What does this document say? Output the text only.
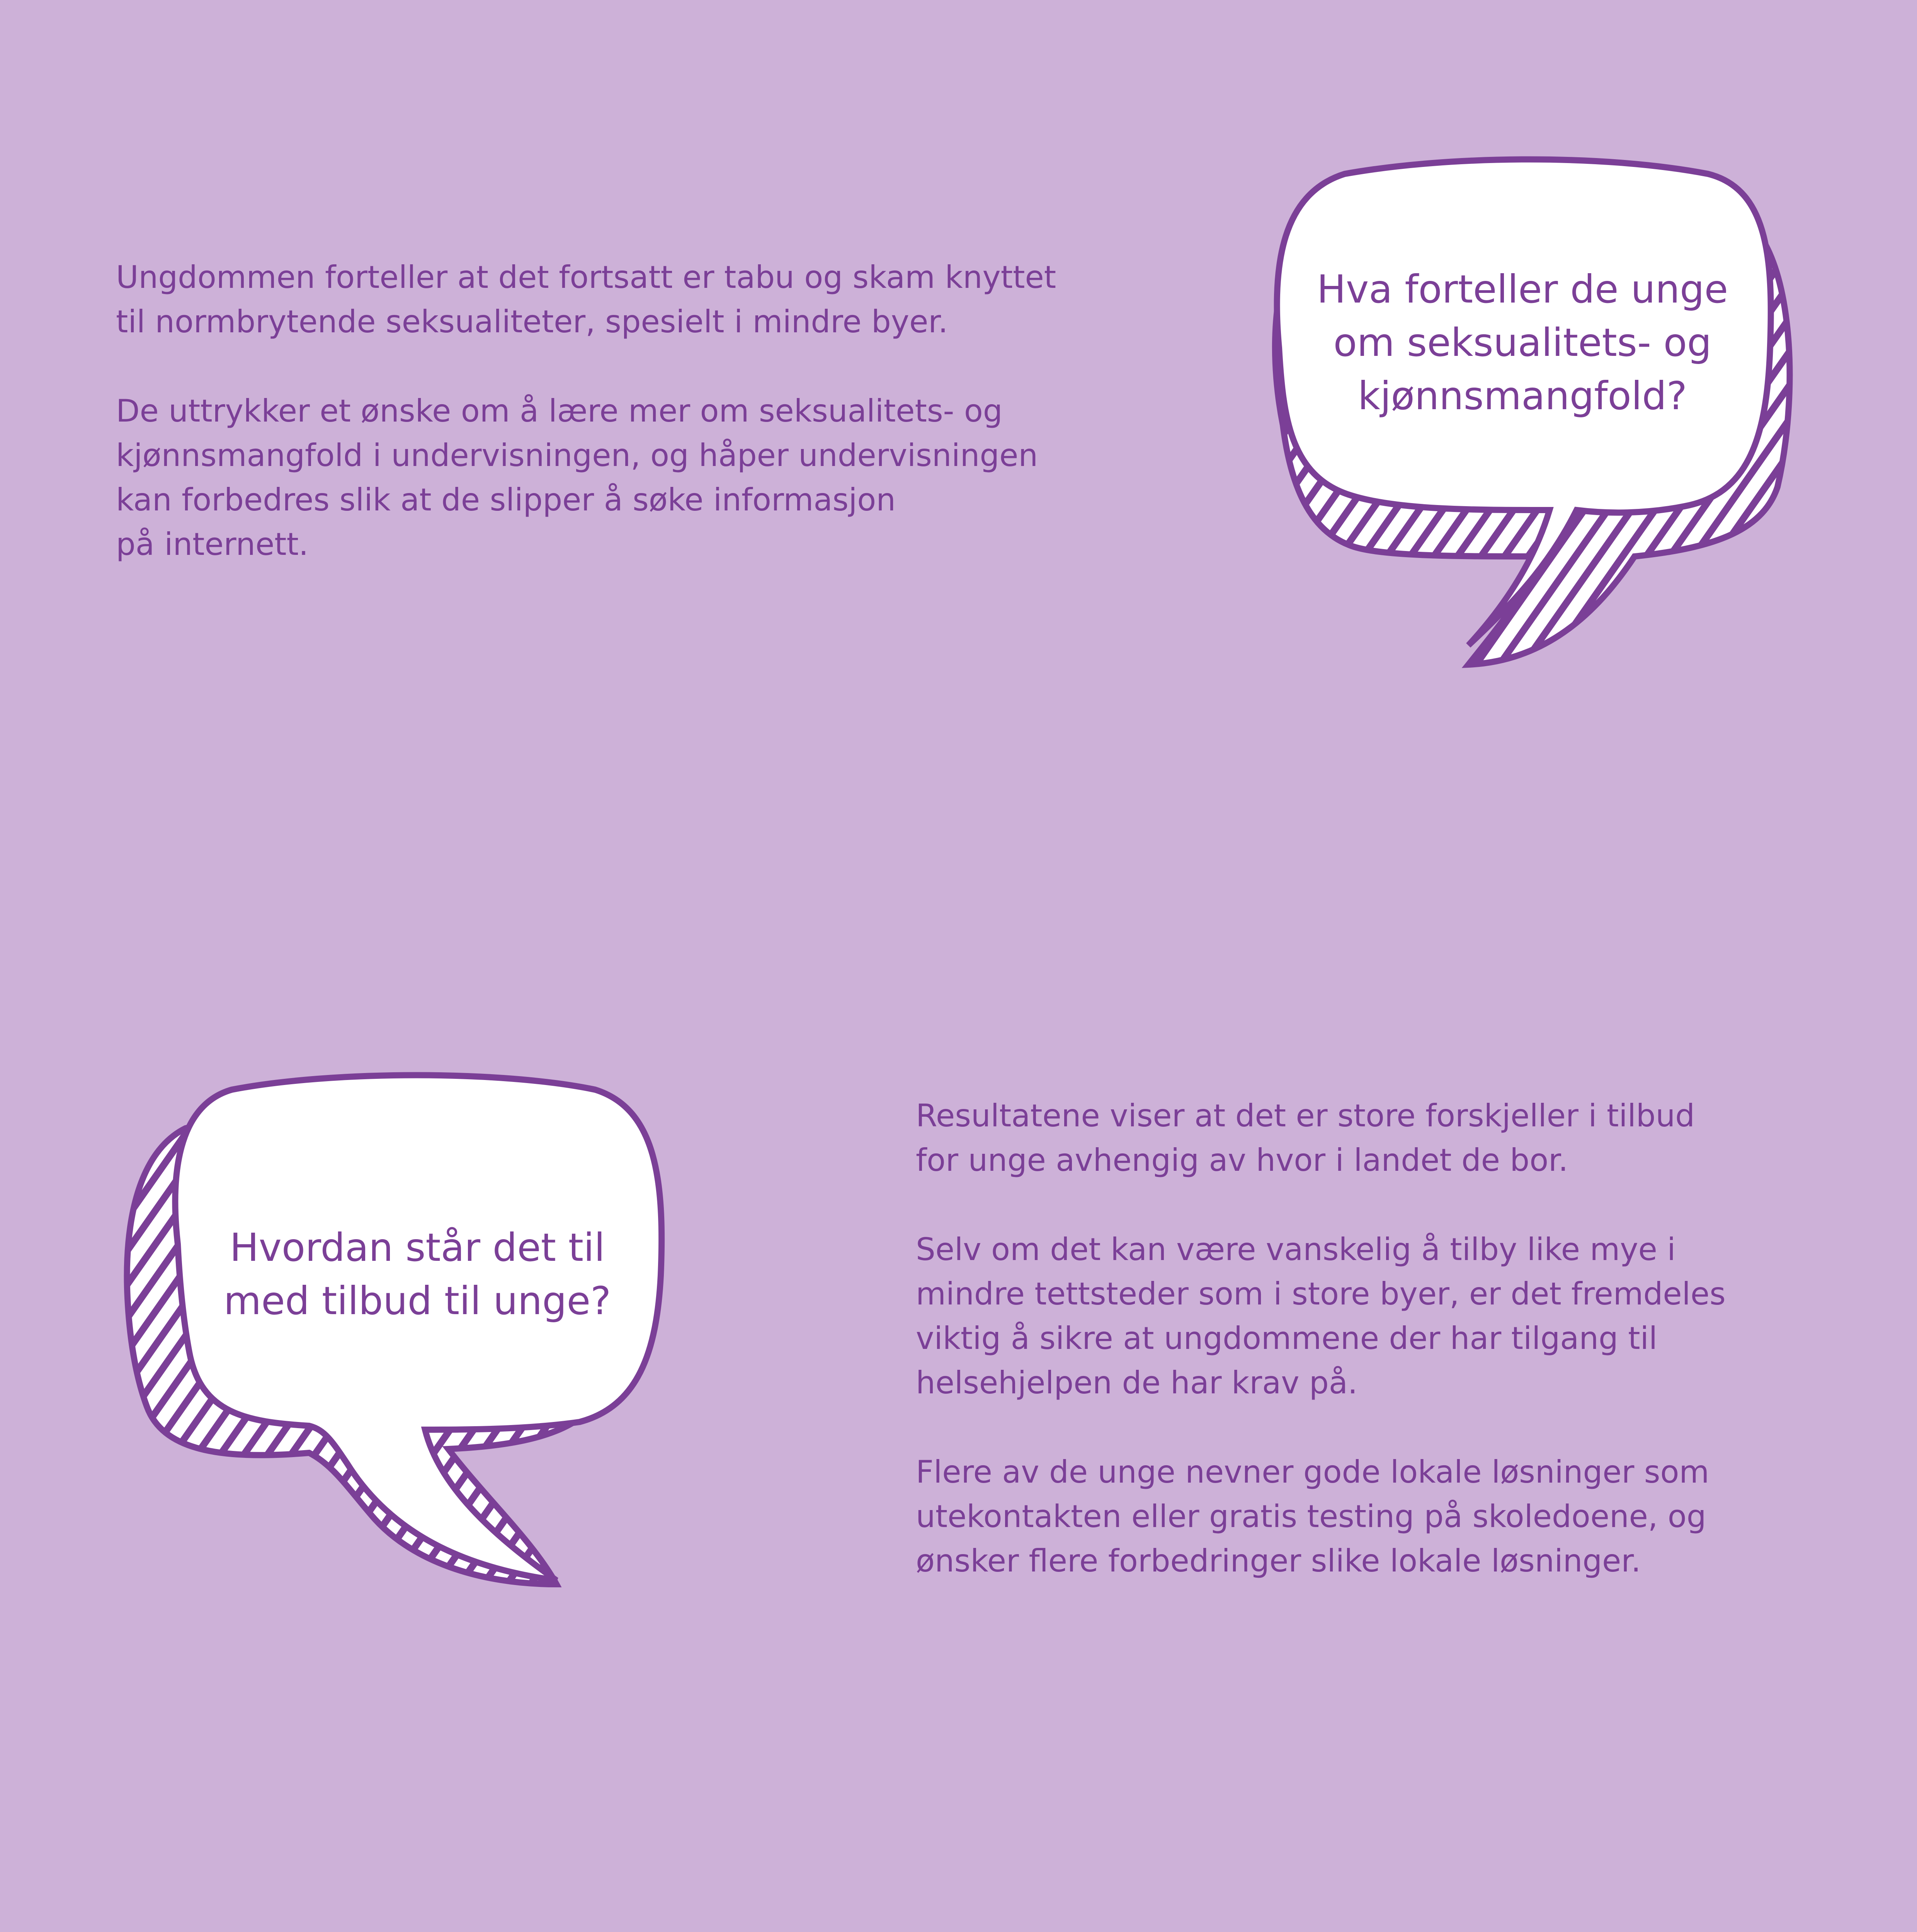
Ungdommen forteller at det fortsatt er tabu og skam knyttet
til normbrytende seksualiteter, spesielt i mindre byer.

De uttrykker et ønske om å lære mer om seksualitets- og
kjønnsmangfold i undervisningen, og håper undervisningen
kan forbedres slik at de slipper å søke informasjon
på internett.

Hva forteller de unge
om seksualitets- og
kjønnsmangfold?

Hvordan står det til
med tilbud til unge?

Resultatene viser at det er store forskjeller i tilbud
for unge avhengig av hvor i landet de bor.

Selv om det kan være vanskelig å tilby like mye i
mindre tettsteder som i store byer, er det fremdeles
viktig å sikre at ungdommene der har tilgang til
helsehjelpen de har krav på.

Flere av de unge nevner gode lokale løsninger som
utekontakten eller gratis testing på skoledoene, og
ønsker flere forbedringer slike lokale løsninger.
